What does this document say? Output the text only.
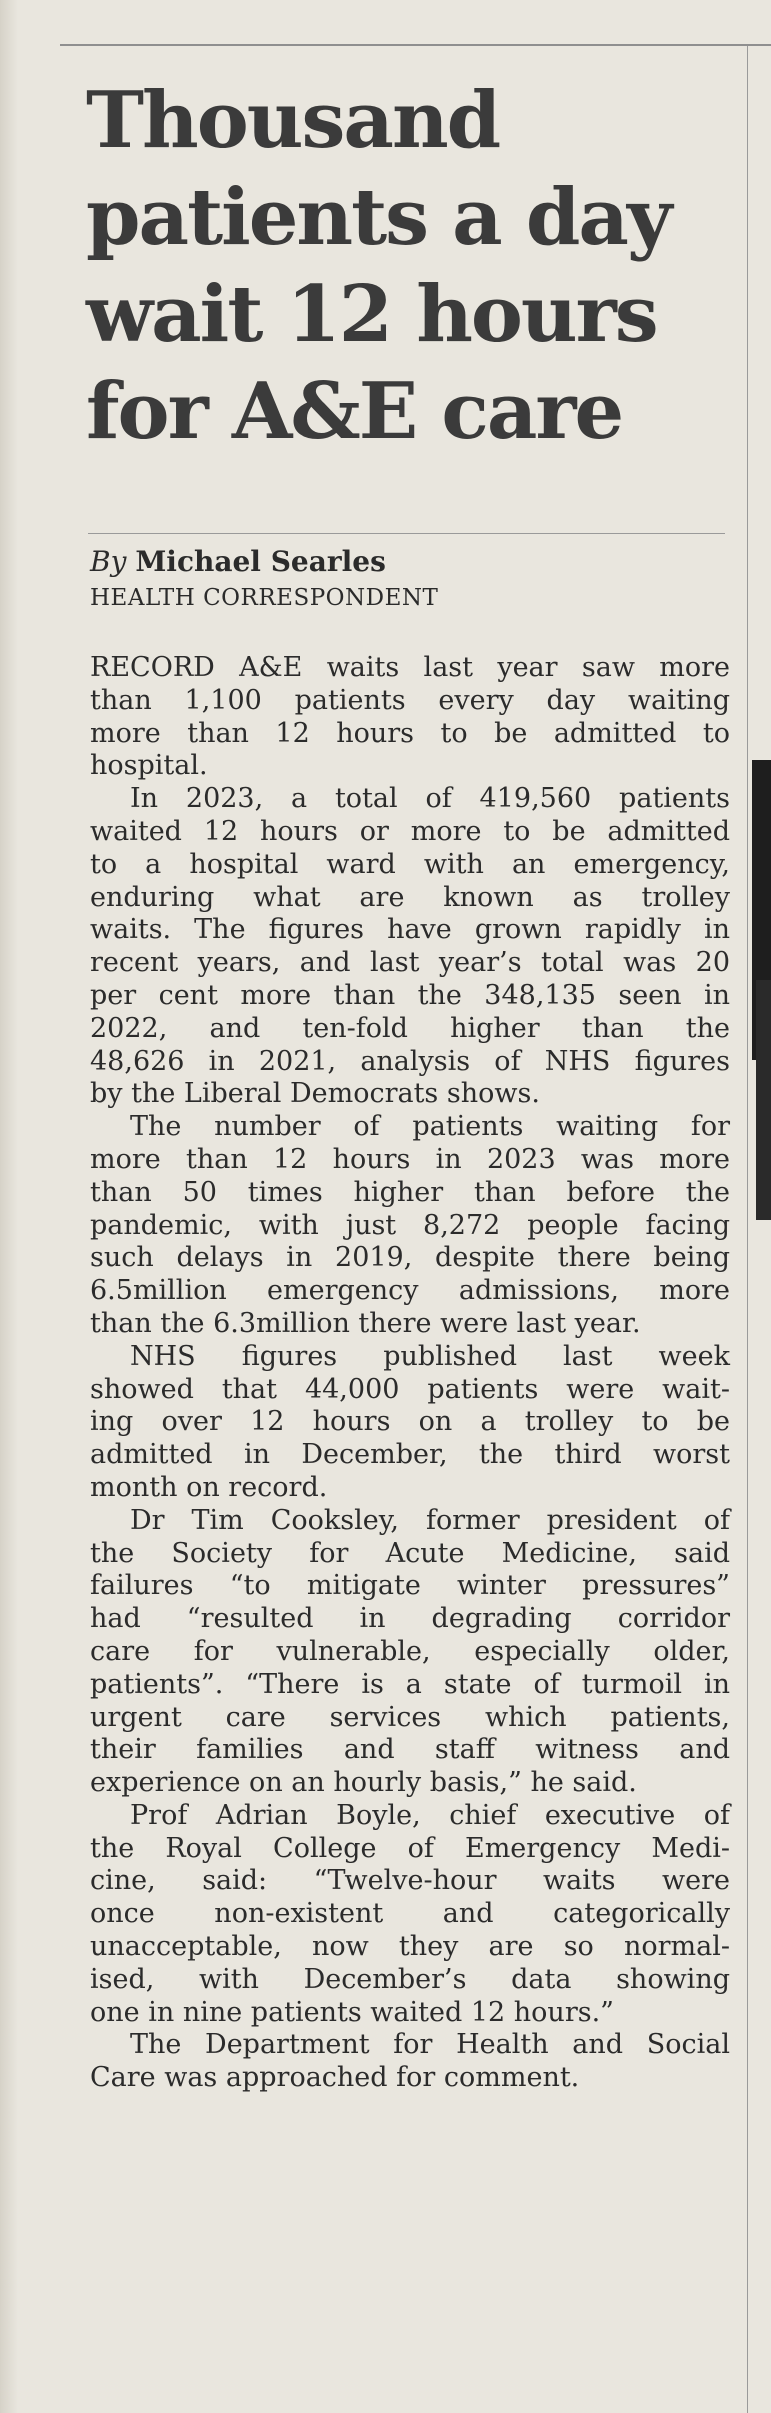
Thousand
patients a day
wait 12 hours
for A&E care
By Michael Searles
HEALTH CORRESPONDENT
RECORD A&E waits last year saw more
than 1,100 patients every day waiting
more than 12 hours to be admitted to
hospital.
In 2023, a total of 419,560 patients
waited 12 hours or more to be admitted
to a hospital ward with an emergency,
enduring what are known as trolley
waits. The figures have grown rapidly in
recent years, and last year’s total was 20
per cent more than the 348,135 seen in
2022, and ten-fold higher than the
48,626 in 2021, analysis of NHS figures
by the Liberal Democrats shows.
The number of patients waiting for
more than 12 hours in 2023 was more
than 50 times higher than before the
pandemic, with just 8,272 people facing
such delays in 2019, despite there being
6.5million emergency admissions, more
than the 6.3million there were last year.
NHS figures published last week
showed that 44,000 patients were wait-
ing over 12 hours on a trolley to be
admitted in December, the third worst
month on record.
Dr Tim Cooksley, former president of
the Society for Acute Medicine, said
failures “to mitigate winter pressures”
had “resulted in degrading corridor
care for vulnerable, especially older,
patients”. “There is a state of turmoil in
urgent care services which patients,
their families and staff witness and
experience on an hourly basis,” he said.
Prof Adrian Boyle, chief executive of
the Royal College of Emergency Medi-
cine, said: “Twelve-hour waits were
once non-existent and categorically
unacceptable, now they are so normal-
ised, with December’s data showing
one in nine patients waited 12 hours.”
The Department for Health and Social
Care was approached for comment.
